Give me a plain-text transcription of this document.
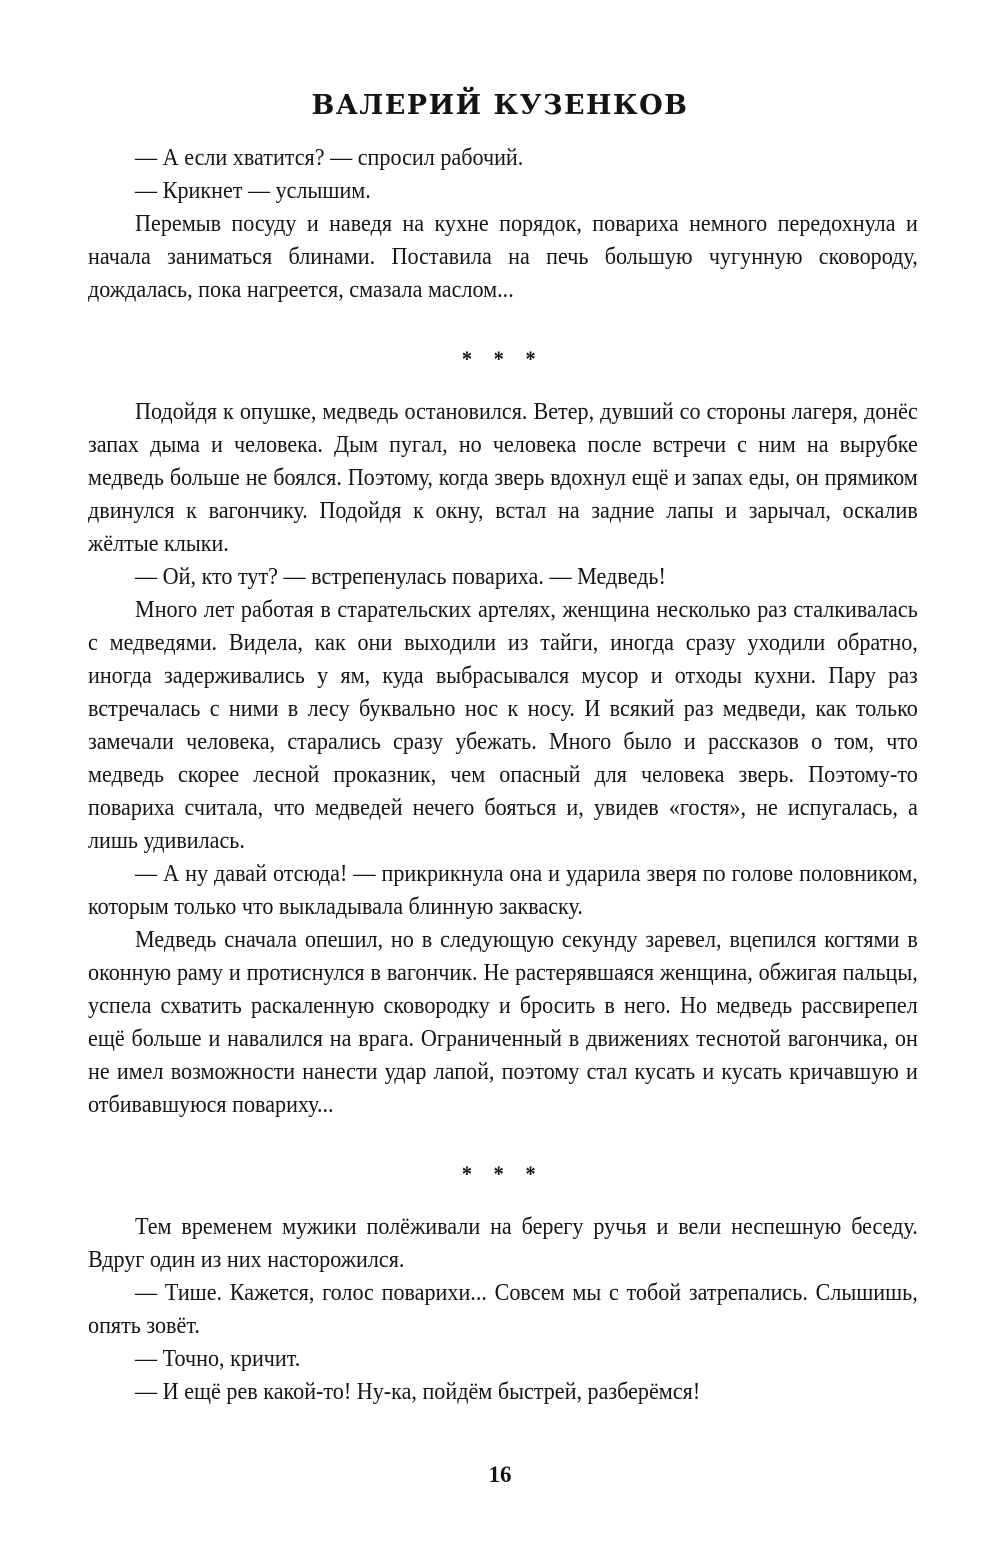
ВАЛЕРИЙ КУЗЕНКОВ

— А если хватится? — спросил рабочий.

— Крикнет — услышим.

Перемыв посуду и наведя на кухне порядок, повариха немного передохнула и начала заниматься блинами. Поставила на печь большую чугунную сковороду, дождалась, пока нагреется, смазала маслом...

* * *

Подойдя к опушке, медведь остановился. Ветер, дувший со стороны лагеря, донёс запах дыма и человека. Дым пугал, но человека после встречи с ним на вырубке медведь больше не боялся. Поэтому, когда зверь вдохнул ещё и запах еды, он прямиком двинулся к вагончику. Подойдя к окну, встал на задние лапы и зарычал, оскалив жёлтые клыки.

— Ой, кто тут? — встрепенулась повариха. — Медведь!

Много лет работая в старательских артелях, женщина несколько раз сталкивалась с медведями. Видела, как они выходили из тайги, иногда сразу уходили обратно, иногда задерживались у ям, куда выбрасывался мусор и отходы кухни. Пару раз встречалась с ними в лесу буквально нос к носу. И всякий раз медведи, как только замечали человека, старались сразу убежать. Много было и рассказов о том, что медведь скорее лесной проказник, чем опасный для человека зверь. Поэтому-то повариха считала, что медведей нечего бояться и, увидев «гостя», не испугалась, а лишь удивилась.

— А ну давай отсюда! — прикрикнула она и ударила зверя по голове половником, которым только что выкладывала блинную закваску.

Медведь сначала опешил, но в следующую секунду заревел, вцепился когтями в оконную раму и протиснулся в вагончик. Не растерявшаяся женщина, обжигая пальцы, успела схватить раскаленную сковородку и бросить в него. Но медведь рассвирепел ещё больше и навалился на врага. Ограниченный в движениях теснотой вагончика, он не имел возможности нанести удар лапой, поэтому стал кусать и кусать кричавшую и отбивавшуюся повариху...

* * *

Тем временем мужики полёживали на берегу ручья и вели неспешную беседу. Вдруг один из них насторожился.

— Тише. Кажется, голос поварихи... Совсем мы с тобой затрепались. Слышишь, опять зовёт.

— Точно, кричит.

— И ещё рев какой-то! Ну-ка, пойдём быстрей, разберёмся!

16
